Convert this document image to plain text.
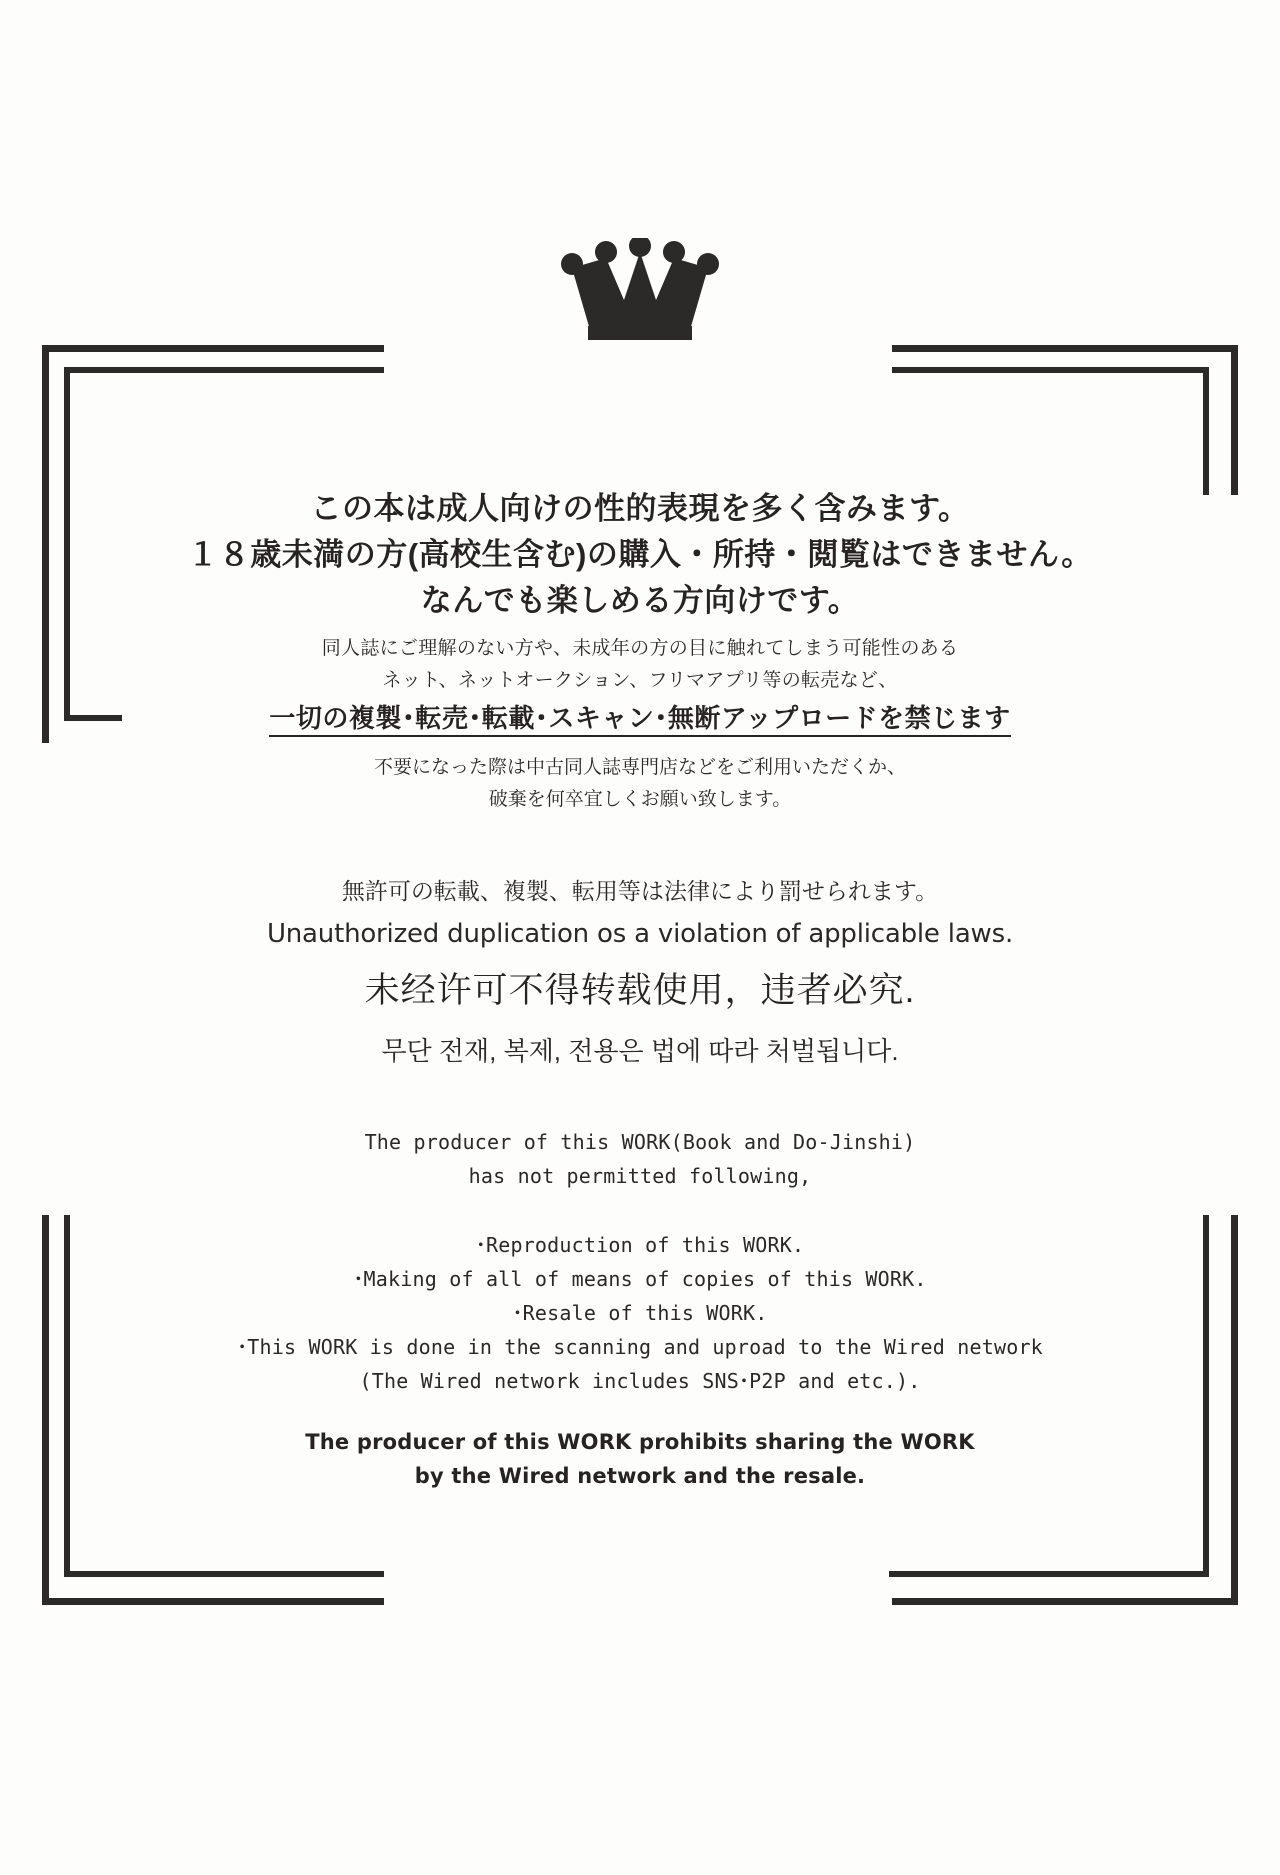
この本は成人向けの性的表現を多く含みます。
１８歳未満の方(高校生含む)の購入・所持・閲覧はできません。
なんでも楽しめる方向けです。
同人誌にご理解のない方や、未成年の方の目に触れてしまう可能性のある
ネット、ネットオークション、フリマアプリ等の転売など、
一切の複製･転売･転載･スキャン･無断アップロードを禁じます
不要になった際は中古同人誌専門店などをご利用いただくか、
破棄を何卒宜しくお願い致します。
無許可の転載、複製、転用等は法律により罰せられます。
Unauthorized duplication os a violation of applicable laws.
未经许可不得转载使用，违者必究.
무단 전재, 복제, 전용은 법에 따라 처벌됩니다.
The producer of this WORK(Book and Do-Jinshi)
has not permitted following,
･Reproduction of this WORK.
･Making of all of means of copies of this WORK.
･Resale of this WORK.
･This WORK is done in the scanning and uproad to the Wired network
(The Wired network includes SNS･P2P and etc.).
The producer of this WORK prohibits sharing the WORK
by the Wired network and the resale.
